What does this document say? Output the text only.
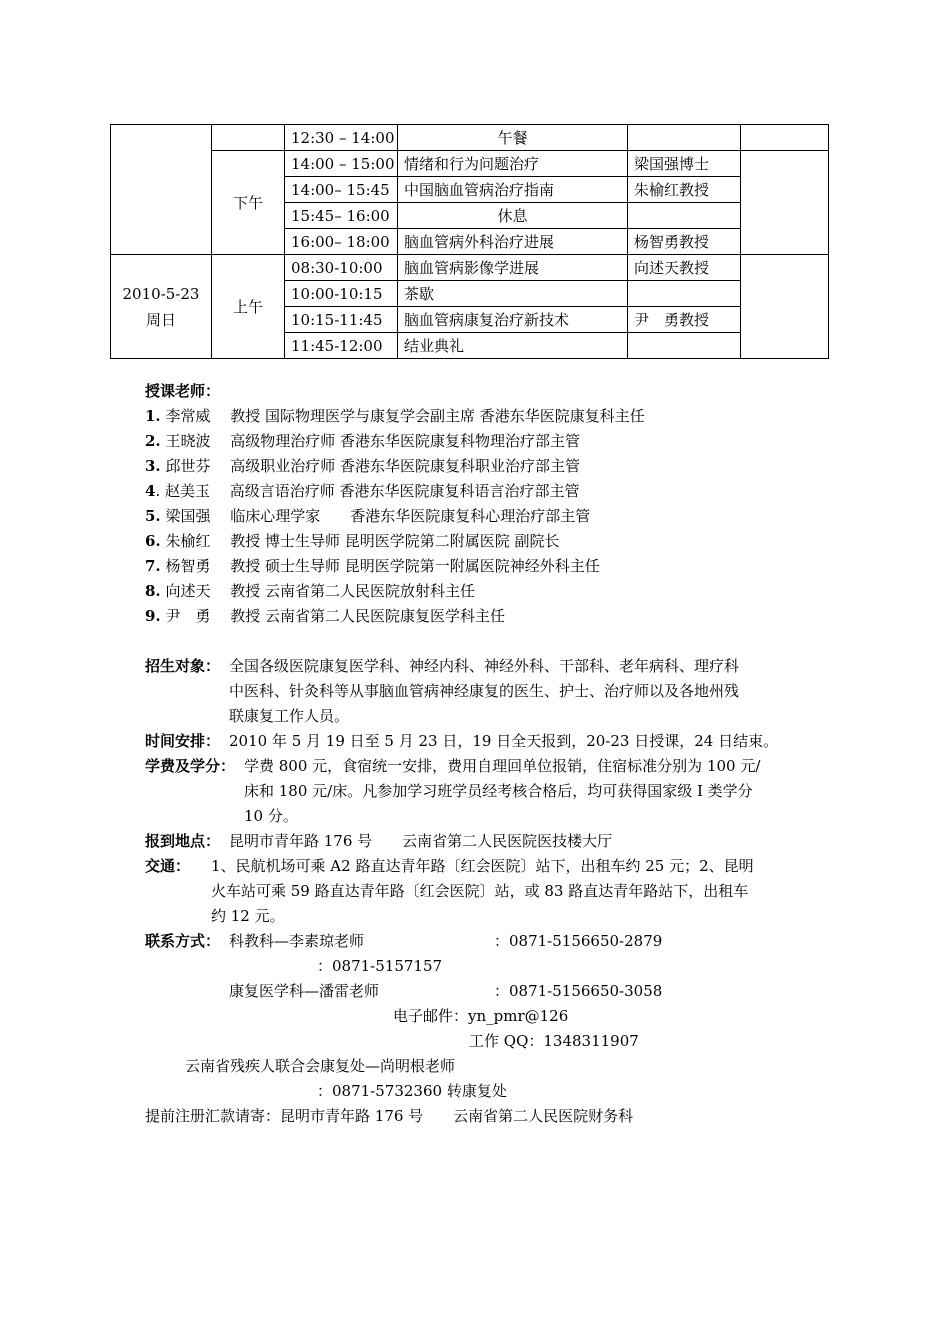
		12:30 – 14:00	午餐		
	下午	14:00 – 15:00	情绪和行为问题治疗	梁国强博士	
		14:00– 15:45	中国脑血管病治疗指南	朱榆红教授	
		15:45– 16:00	休息		
		16:00– 18:00	脑血管病外科治疗进展	杨智勇教授	

2010-5-23
周日	上午	08:30-10:00	脑血管病影像学进展	向述天教授	
		10:00-10:15	茶歇		
		10:15-11:45	脑血管病康复治疗新技术	尹　勇教授	
		11:45-12:00	结业典礼		
授课老师：
1. 李常威　 教授 国际物理医学与康复学会副主席 香港东华医院康复科主任
2. 王晓波　 高级物理治疗师 香港东华医院康复科物理治疗部主管
3. 邱世芬　 高级职业治疗师 香港东华医院康复科职业治疗部主管
4. 赵美玉　 高级言语治疗师 香港东华医院康复科语言治疗部主管
5. 梁国强　 临床心理学家　　香港东华医院康复科心理治疗部主管
6. 朱榆红　 教授 博士生导师 昆明医学院第二附属医院 副院长
7. 杨智勇　 教授 硕士生导师 昆明医学院第一附属医院神经外科主任
8. 向述天　 教授 云南省第二人民医院放射科主任
9. 尹　勇　 教授 云南省第二人民医院康复医学科主任
招生对象： 全国各级医院康复医学科、神经内科、神经外科、干部科、老年病科、理疗科
中医科、针灸科等从事脑血管病神经康复的医生、护士、治疗师以及各地州残
联康复工作人员。
时间安排： 2010 年 5 月 19 日至 5 月 23 日，19 日全天报到，20-23 日授课，24 日结束。
学费及学分： 学费 800 元，食宿统一安排，费用自理回单位报销，住宿标准分别为 100 元/
床和 180 元/床。凡参加学习班学员经考核合格后，均可获得国家级 I 类学分
10 分。
报到地点： 昆明市青年路 176 号　　云南省第二人民医院医技楼大厅
交通： 1、民航机场可乘 A2 路直达青年路〔红会医院〕站下，出租车约 25 元；2、昆明
火车站可乘 59 路直达青年路〔红会医院〕站，或 83 路直达青年路站下，出租车
约 12 元。
联系方式： 科教科—李素琼老师	：0871-5156650-2879
：0871-5157157
康复医学科—潘雷老师	：0871-5156650-3058
电子邮件：yn_pmr@126
工作 QQ：1348311907
云南省残疾人联合会康复处—尚明根老师
：0871-5732360 转康复处
提前注册汇款请寄：昆明市青年路 176 号　　云南省第二人民医院财务科
